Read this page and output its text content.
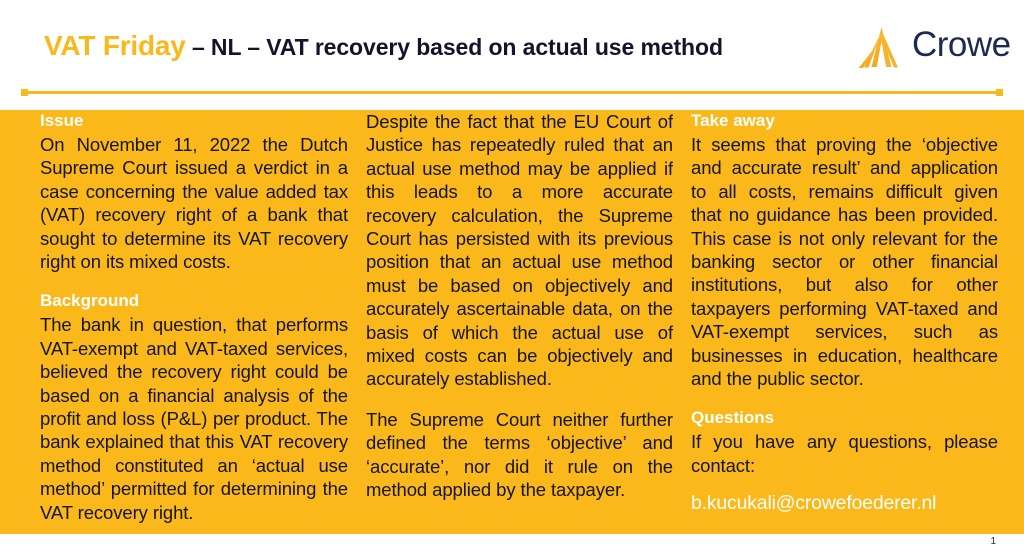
VAT Friday – NL – VAT recovery based on actual use method	Crowe
Issue

On November 11, 2022 the Dutch Supreme Court issued a verdict in a case concerning the value added tax (VAT) recovery right of a bank that sought to determine its VAT recovery right on its mixed costs.

Background

The bank in question, that performs VAT-exempt and VAT-taxed services, believed the recovery right could be based on a financial analysis of the profit and loss (P&L) per product. The bank explained that this VAT recovery method constituted an ‘actual use method’ permitted for determining the VAT recovery right.

Despite the fact that the EU Court of Justice has repeatedly ruled that an actual use method may be applied if this leads to a more accurate recovery calculation, the Supreme Court has persisted with its previous position that an actual use method must be based on objectively and accurately ascertainable data, on the basis of which the actual use of mixed costs can be objectively and accurately established.

The Supreme Court neither further defined the terms ‘objective’ and ‘accurate’, nor did it rule on the method applied by the taxpayer.

Take away

It seems that proving the ‘objective and accurate result’ and application to all costs, remains difficult given that no guidance has been provided. This case is not only relevant for the banking sector or other financial institutions, but also for other taxpayers performing VAT-taxed and VAT-exempt services, such as businesses in education, healthcare and the public sector.

Questions

If you have any questions, please contact:

b.kucukali@crowefoederer.nl

1
